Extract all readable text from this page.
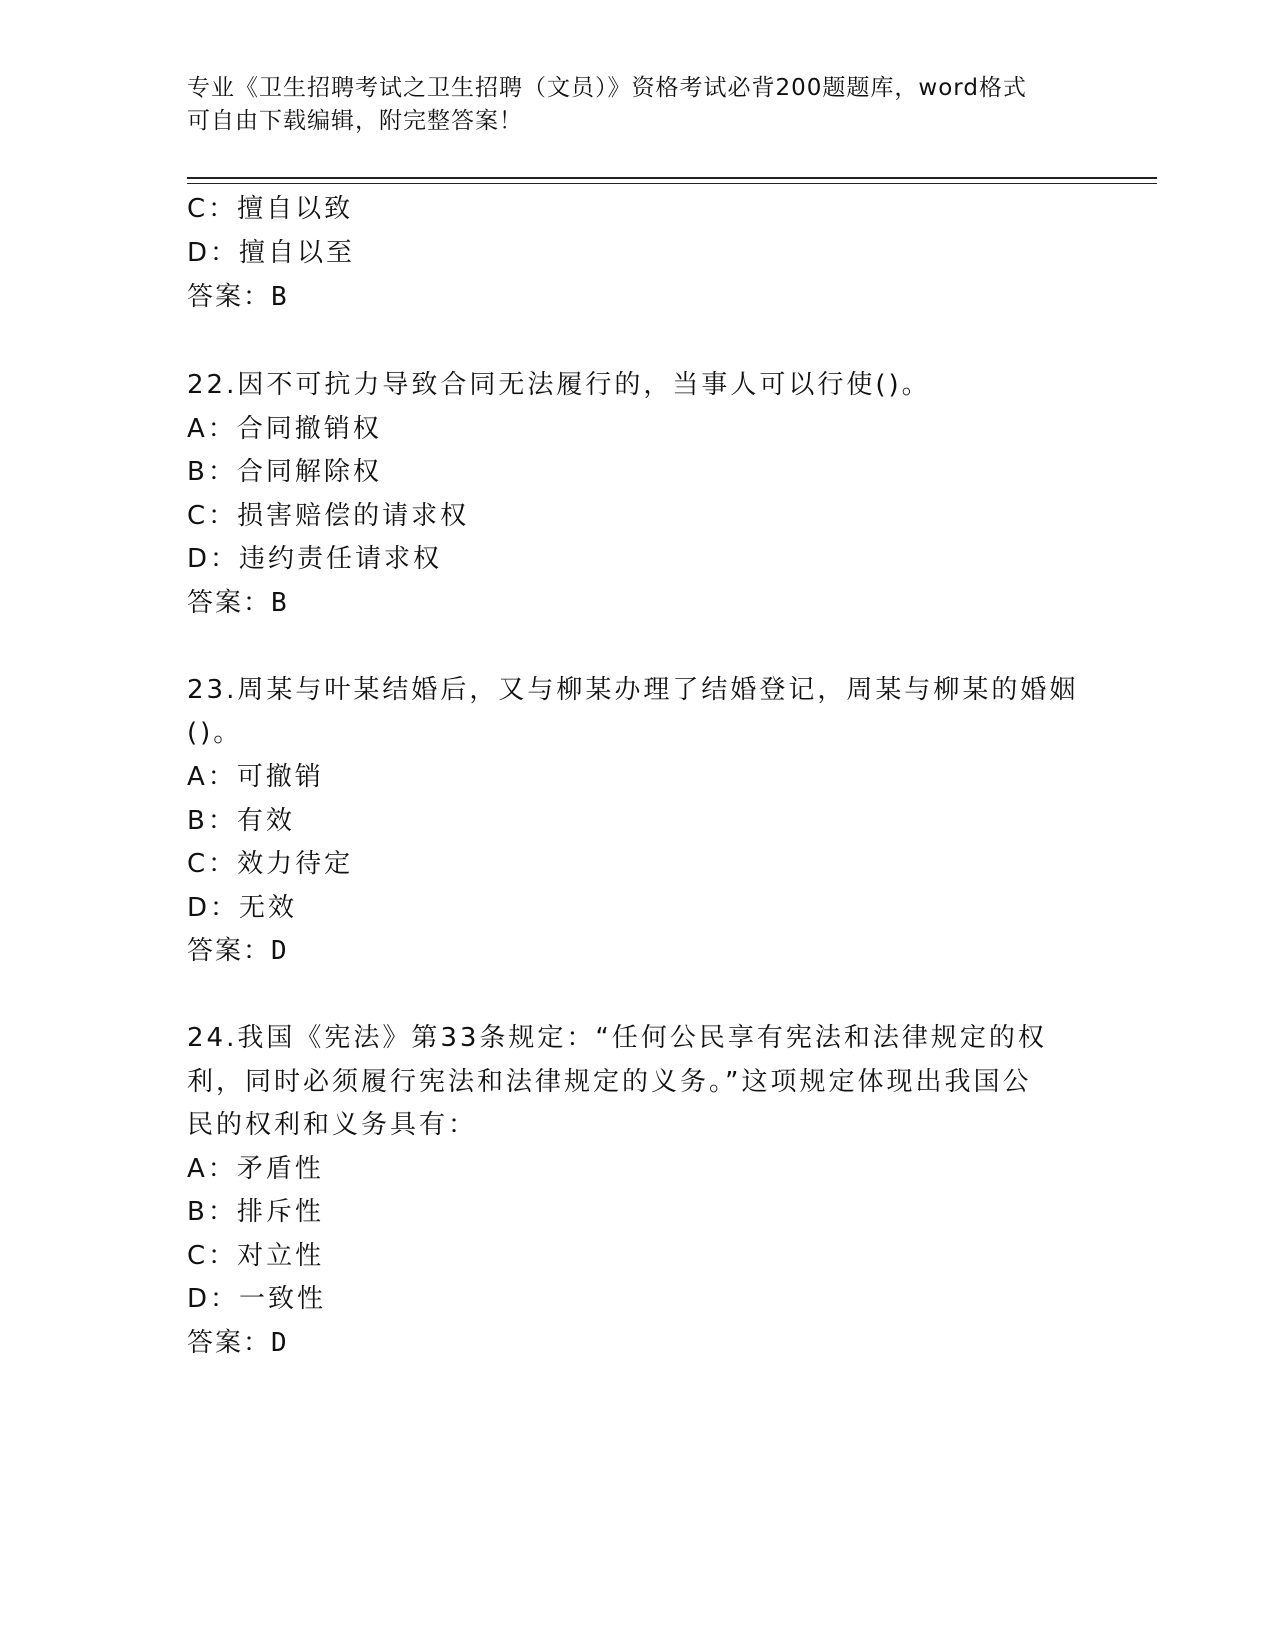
专业《卫生招聘考试之卫生招聘（文员）》资格考试必背200题题库，word格式
可自由下载编辑，附完整答案！
C：擅自以致
D：擅自以至
答案：B
22.因不可抗力导致合同无法履行的，当事人可以行使()。
A：合同撤销权
B：合同解除权
C：损害赔偿的请求权
D：违约责任请求权
答案：B
23.周某与叶某结婚后，又与柳某办理了结婚登记，周某与柳某的婚姻
()。
A：可撤销
B：有效
C：效力待定
D：无效
答案：D
24.我国《宪法》第33条规定：“任何公民享有宪法和法律规定的权
利，同时必须履行宪法和法律规定的义务。”这项规定体现出我国公
民的权利和义务具有：
A：矛盾性
B：排斥性
C：对立性
D：一致性
答案：D
